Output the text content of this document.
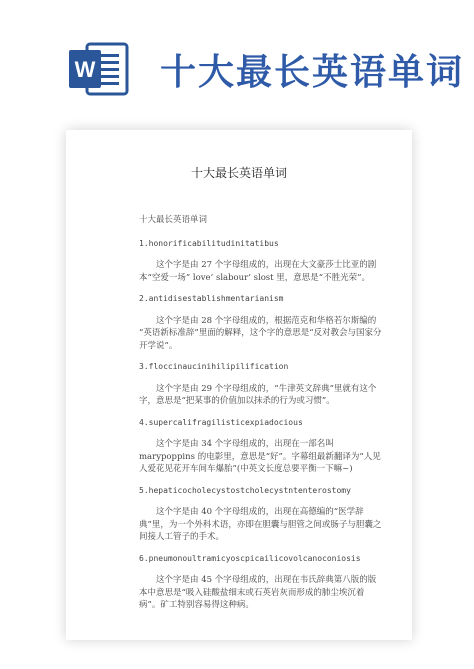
W 十大最长英语单词
十大最长英语单词

十大最长英语单词

1.honorificabilitudinitatibus

这个字是由 27 个字母组成的，出现在大文豪莎士比亚的剧本“空爱一场” love’ slabour’ slost 里，意思是“不胜光荣”。

2.antidisestablishmentarianism

这个字是由 28 个字母组成的，根据范克和华格若尔斯编的 “英语新标准辞”里面的解释，这个字的意思是“反对教会与国家分开学说”。

3.floccinaucinihilipilification

这个字是由 29 个字母组成的，“牛津英文辞典”里就有这个字，意思是“把某事的价值加以抹杀的行为或习惯”。

4.supercalifragilisticexpiadocious

这个字是由 34 个字母组成的，出现在一部名叫marypoppins 的电影里，意思是“好”。字幕组最新翻译为“人见人爱花见花开车间车爆胎”(中英文长度总要平衡一下嘛~)

5.hepaticocholecystostcholecystntenterostomy

这个字是由 40 个字母组成的，出现在高德编的“医学辞典”里，为一个外科术语，亦即在胆囊与胆管之间或肠子与胆囊之间接人工管子的手术。

6.pneumonoultramicyoscpicailicovolcanoconiosis

这个字是由 45 个字母组成的，出现在韦氏辞典第八版的版本中意思是“吸入硅酸盐细末或石英岩灰而形成的肺尘埃沉着病”。矿工特别容易得这种病。
